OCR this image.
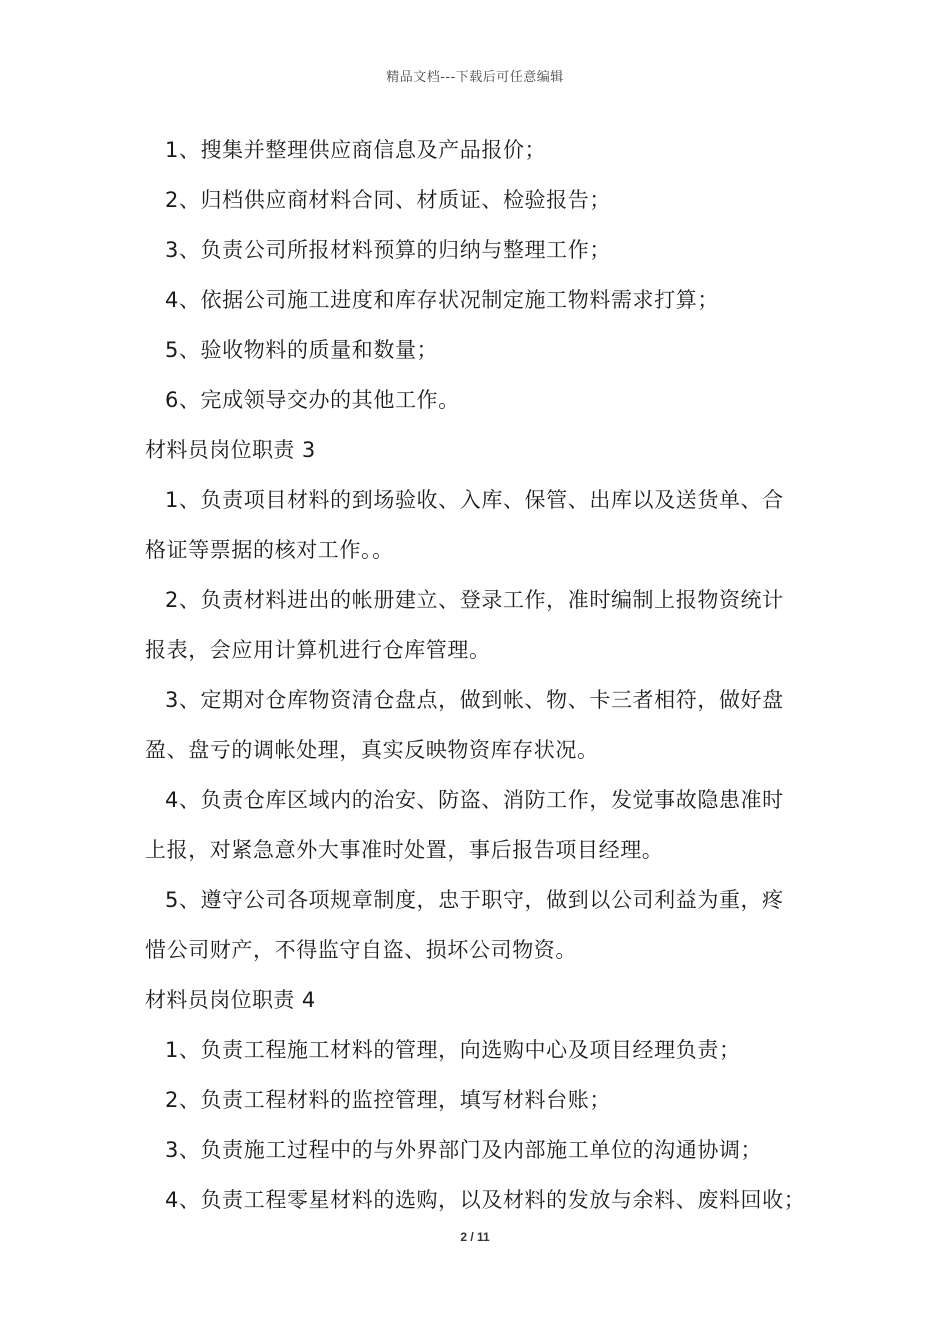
精品文档---下载后可任意编辑
1、搜集并整理供应商信息及产品报价；
2、归档供应商材料合同、材质证、检验报告；
3、负责公司所报材料预算的归纳与整理工作；
4、依据公司施工进度和库存状况制定施工物料需求打算；
5、验收物料的质量和数量；
6、完成领导交办的其他工作。
材料员岗位职责 3
1、负责项目材料的到场验收、入库、保管、出库以及送货单、合
格证等票据的核对工作。。
2、负责材料进出的帐册建立、登录工作，准时编制上报物资统计
报表，会应用计算机进行仓库管理。
3、定期对仓库物资清仓盘点，做到帐、物、卡三者相符，做好盘
盈、盘亏的调帐处理，真实反映物资库存状况。
4、负责仓库区域内的治安、防盗、消防工作，发觉事故隐患准时
上报，对紧急意外大事准时处置，事后报告项目经理。
5、遵守公司各项规章制度，忠于职守，做到以公司利益为重，疼
惜公司财产，不得监守自盗、损坏公司物资。
材料员岗位职责 4
1、负责工程施工材料的管理，向选购中心及项目经理负责；
2、负责工程材料的监控管理，填写材料台账；
3、负责施工过程中的与外界部门及内部施工单位的沟通协调；
4、负责工程零星材料的选购，以及材料的发放与余料、废料回收；
2 / 11
